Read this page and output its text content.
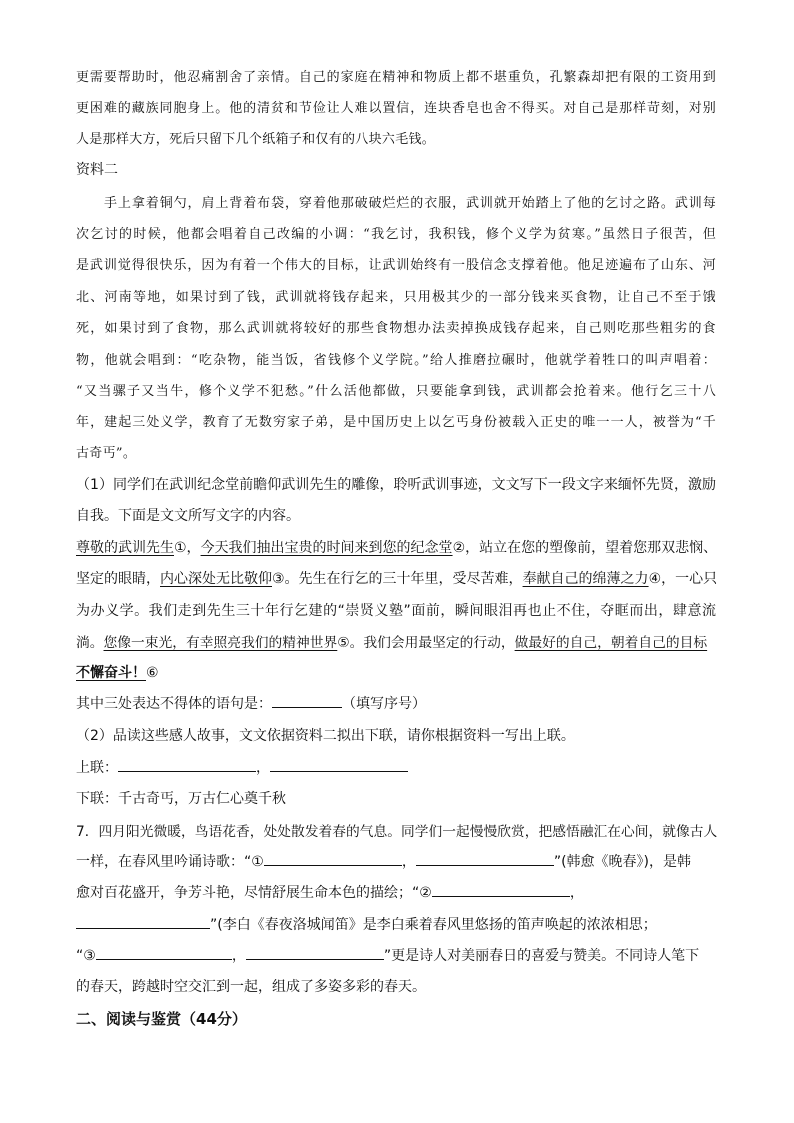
更需要帮助时，他忍痛割舍了亲情。自己的家庭在精神和物质上都不堪重负，孔繁森却把有限的工资用到
更困难的藏族同胞身上。他的清贫和节俭让人难以置信，连块香皂也舍不得买。对自己是那样苛刻，对别
人是那样大方，死后只留下几个纸箱子和仅有的八块六毛钱。
资料二
手上拿着铜勺，肩上背着布袋，穿着他那破破烂烂的衣服，武训就开始踏上了他的乞讨之路。武训每
次乞讨的时候，他都会唱着自己改编的小调：“我乞讨，我积钱，修个义学为贫寒。”虽然日子很苦，但
是武训觉得很快乐，因为有着一个伟大的目标，让武训始终有一股信念支撑着他。他足迹遍布了山东、河
北、河南等地，如果讨到了钱，武训就将钱存起来，只用极其少的一部分钱来买食物，让自己不至于饿
死，如果讨到了食物，那么武训就将较好的那些食物想办法卖掉换成钱存起来，自己则吃那些粗劣的食
物，他就会唱到：“吃杂物，能当饭，省钱修个义学院。”给人推磨拉碾时，他就学着牲口的叫声唱着：
“又当骡子又当牛，修个义学不犯愁。”什么活他都做，只要能拿到钱，武训都会抢着来。他行乞三十八
年，建起三处义学，教育了无数穷家子弟，是中国历史上以乞丐身份被载入正史的唯一一人，被誉为“千
古奇丐”。
（1）同学们在武训纪念堂前瞻仰武训先生的雕像，聆听武训事迹，文文写下一段文字来缅怀先贤，激励
自我。下面是文文所写文字的内容。
尊敬的武训先生①，今天我们抽出宝贵的时间来到您的纪念堂②，站立在您的塑像前，望着您那双悲悯、
坚定的眼睛，内心深处无比敬仰③。先生在行乞的三十年里，受尽苦难，奉献自己的绵薄之力④，一心只
为办义学。我们走到先生三十年行乞建的“崇贤义塾”面前，瞬间眼泪再也止不住，夺眶而出，肆意流
淌。您像一束光，有幸照亮我们的精神世界⑤。我们会用最坚定的行动，做最好的自己，朝着自己的目标
不懈奋斗！⑥
其中三处表达不得体的语句是：	（填写序号）
（2）品读这些感人故事，文文依据资料二拟出下联，请你根据资料一写出上联。
上联：	，
下联：千古奇丐，万古仁心奠千秋
7．四月阳光微暖，鸟语花香，处处散发着春的气息。同学们一起慢慢欣赏，把感悟融汇在心间，就像古人
一样，在春风里吟诵诗歌：“①	，	”(韩愈《晚春》)，是韩
愈对百花盛开，争芳斗艳，尽情舒展生命本色的描绘；“②	，
”(李白《春夜洛城闻笛》是李白乘着春风里悠扬的笛声唤起的浓浓相思；
“③	，	”更是诗人对美丽春日的喜爱与赞美。不同诗人笔下
的春天，跨越时空交汇到一起，组成了多姿多彩的春天。
二、阅读与鉴赏（44分）
